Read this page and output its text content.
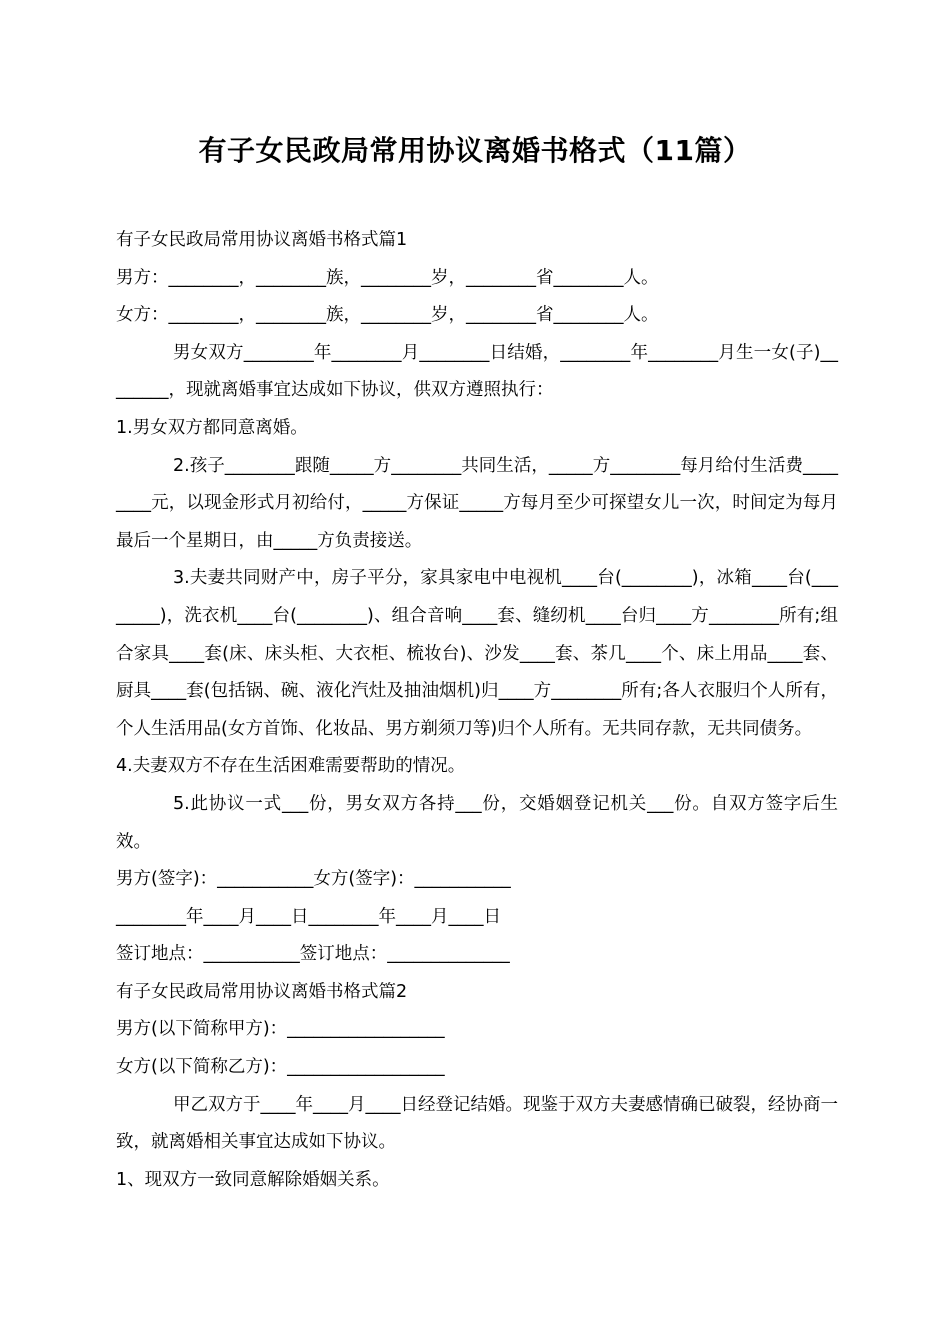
有子女民政局常用协议离婚书格式（11篇）

有子女民政局常用协议离婚书格式篇1

男方：________，________族，________岁，________省________人。

女方：________，________族，________岁，________省________人。

男女双方________年________月________日结婚，________年________月生一女(子)________，现就离婚事宜达成如下协议，供双方遵照执行：

1.男女双方都同意离婚。

2.孩子________跟随_____方________共同生活，_____方________每月给付生活费________元，以现金形式月初给付，_____方保证_____方每月至少可探望女儿一次，时间定为每月最后一个星期日，由_____方负责接送。

3.夫妻共同财产中，房子平分，家具家电中电视机____台(________)，冰箱____台(________)，洗衣机____台(________)、组合音响____套、缝纫机____台归____方________所有;组合家具____套(床、床头柜、大衣柜、梳妆台)、沙发____套、茶几____个、床上用品____套、厨具____套(包括锅、碗、液化汽灶及抽油烟机)归____方________所有;各人衣服归个人所有，个人生活用品(女方首饰、化妆品、男方剃须刀等)归个人所有。无共同存款，无共同债务。

4.夫妻双方不存在生活困难需要帮助的情况。

5.此协议一式___份，男女双方各持___份，交婚姻登记机关___份。自双方签字后生效。

男方(签字)：___________女方(签字)：___________

________年____月____日________年____月____日

签订地点：___________签订地点：______________

有子女民政局常用协议离婚书格式篇2

男方(以下简称甲方)：__________________

女方(以下简称乙方)：__________________

甲乙双方于____年____月____日经登记结婚。现鉴于双方夫妻感情确已破裂，经协商一致，就离婚相关事宜达成如下协议。

1、现双方一致同意解除婚姻关系。
